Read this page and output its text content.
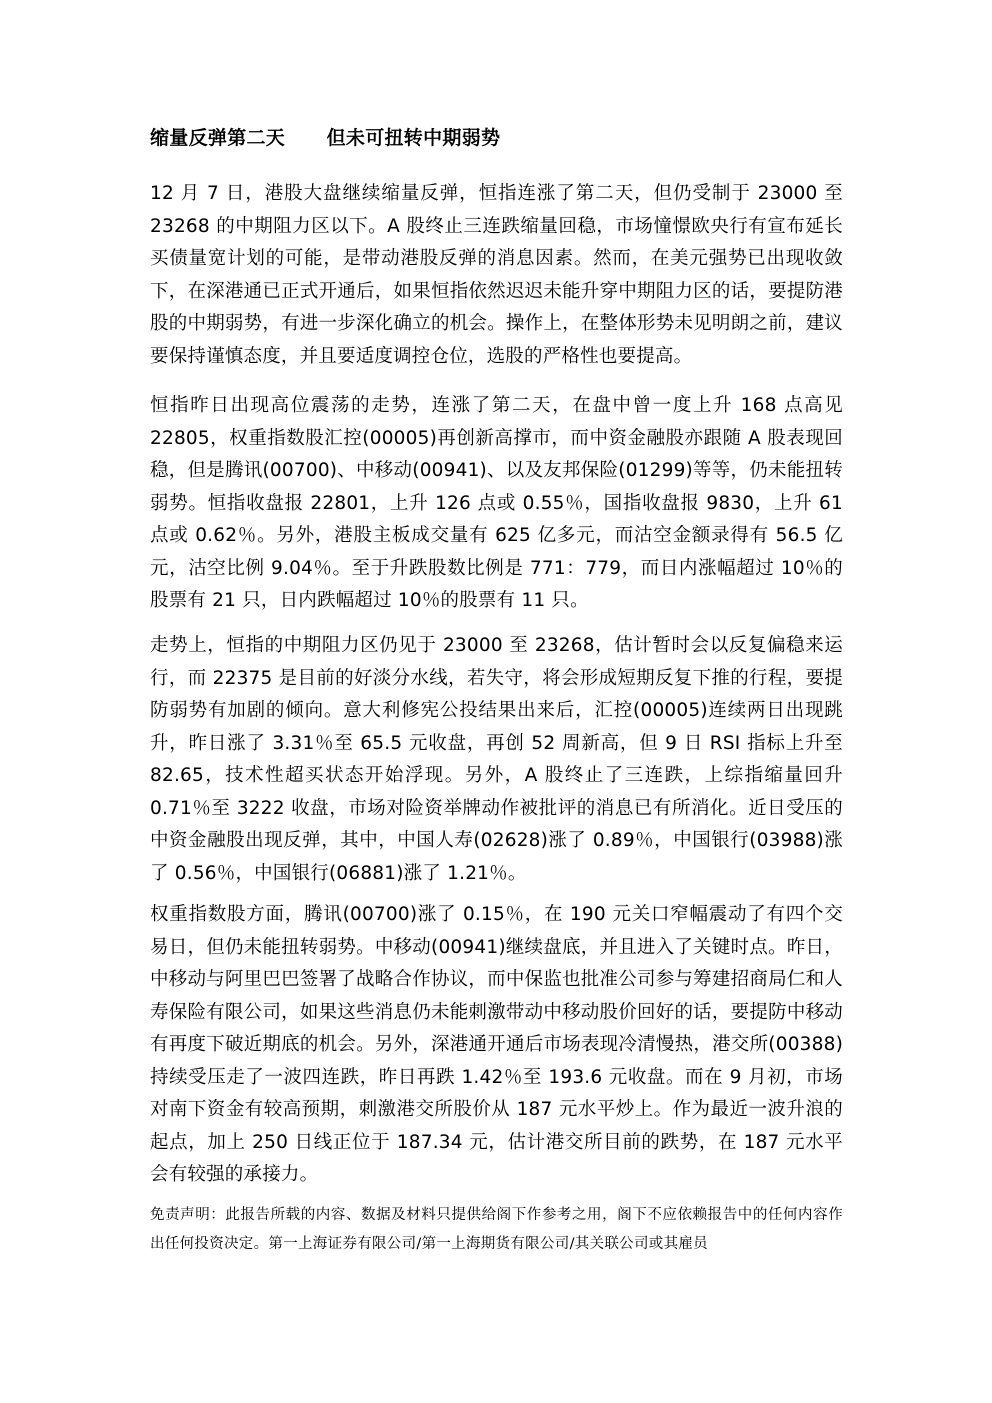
缩量反弹第二天      但未可扭转中期弱势

12 月 7 日，港股大盘继续缩量反弹，恒指连涨了第二天，但仍受制于 23000 至 23268 的中期阻力区以下。A 股终止三连跌缩量回稳，市场憧憬欧央行有宣布延长买债量宽计划的可能，是带动港股反弹的消息因素。然而，在美元强势已出现收敛下，在深港通已正式开通后，如果恒指依然迟迟未能升穿中期阻力区的话，要提防港股的中期弱势，有进一步深化确立的机会。操作上，在整体形势未见明朗之前，建议要保持谨慎态度，并且要适度调控仓位，选股的严格性也要提高。

恒指昨日出现高位震荡的走势，连涨了第二天，在盘中曾一度上升 168 点高见 22805，权重指数股汇控(00005)再创新高撑市，而中资金融股亦跟随 A 股表现回稳，但是腾讯(00700)、中移动(00941)、以及友邦保险(01299)等等，仍未能扭转弱势。恒指收盘报 22801，上升 126 点或 0.55％，国指收盘报 9830，上升 61 点或 0.62％。另外，港股主板成交量有 625 亿多元，而沽空金额录得有 56.5 亿元，沽空比例 9.04％。至于升跌股数比例是 771：779，而日内涨幅超过 10％的股票有 21 只，日内跌幅超过 10％的股票有 11 只。

走势上，恒指的中期阻力区仍见于 23000 至 23268，估计暂时会以反复偏稳来运行，而 22375 是目前的好淡分水线，若失守，将会形成短期反复下推的行程，要提防弱势有加剧的倾向。意大利修宪公投结果出来后，汇控(00005)连续两日出现跳升，昨日涨了 3.31％至 65.5 元收盘，再创 52 周新高，但 9 日 RSI 指标上升至 82.65，技术性超买状态开始浮现。另外，A 股终止了三连跌，上综指缩量回升 0.71％至 3222 收盘，市场对险资举牌动作被批评的消息已有所消化。近日受压的中资金融股出现反弹，其中，中国人寿(02628)涨了 0.89％，中国银行(03988)涨了 0.56％，中国银行(06881)涨了 1.21％。

权重指数股方面，腾讯(00700)涨了 0.15％，在 190 元关口窄幅震动了有四个交易日，但仍未能扭转弱势。中移动(00941)继续盘底，并且进入了关键时点。昨日，中移动与阿里巴巴签署了战略合作协议，而中保监也批准公司参与筹建招商局仁和人寿保险有限公司，如果这些消息仍未能刺激带动中移动股价回好的话，要提防中移动有再度下破近期底的机会。另外，深港通开通后市场表现冷清慢热，港交所(00388)持续受压走了一波四连跌，昨日再跌 1.42％至 193.6 元收盘。而在 9 月初，市场对南下资金有较高预期，刺激港交所股价从 187 元水平炒上。作为最近一波升浪的起点，加上 250 日线正位于 187.34 元，估计港交所目前的跌势，在 187 元水平会有较强的承接力。

免责声明：此报告所载的内容、数据及材料只提供给阁下作参考之用，阁下不应依赖报告中的任何内容作出任何投资决定。第一上海证券有限公司/第一上海期货有限公司/其关联公司或其雇员
